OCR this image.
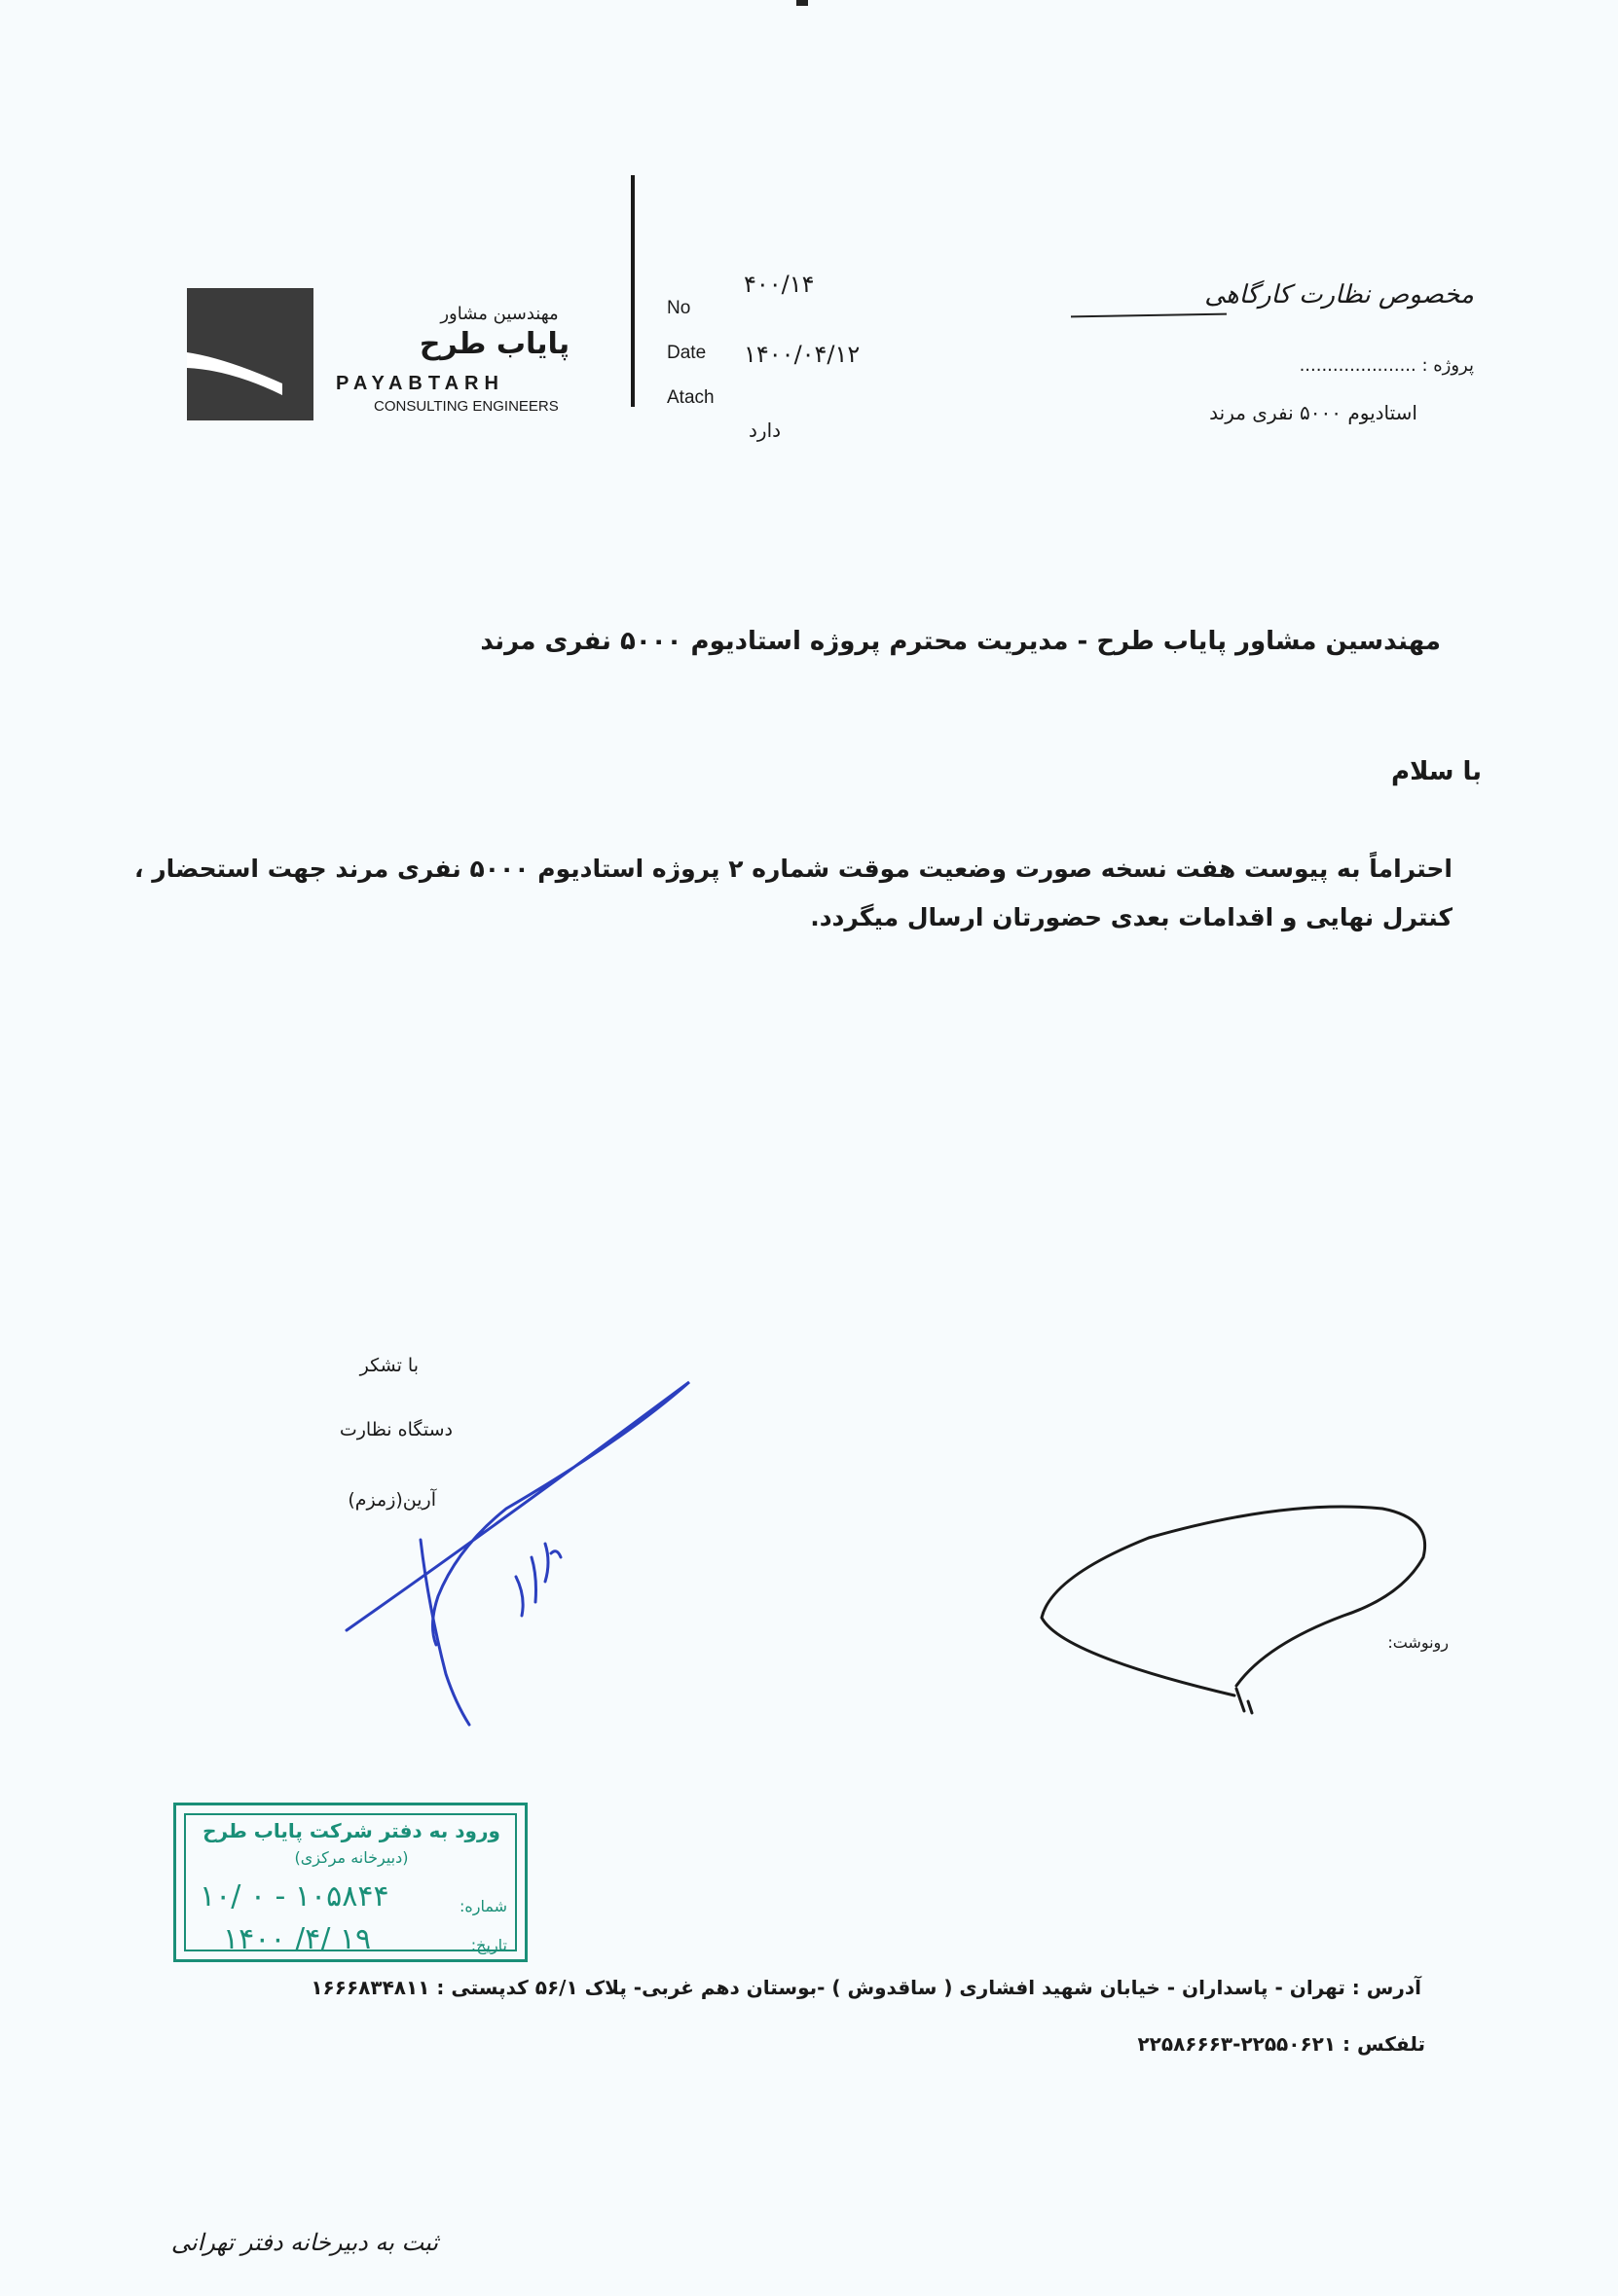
مهندسین مشاور
پایاب طرح
PAYABTARH
CONSULTING ENGINEERS
No
Date
Atach
۴۰۰/۱۴
۱۴۰۰/۰۴/۱۲
دارد
مخصوص نظارت کارگاهی
پروژه : .....................
استادیوم ۵۰۰۰ نفری مرند
مهندسین مشاور پایاب طرح - مدیریت محترم پروژه استادیوم ۵۰۰۰ نفری مرند
با سلام
احتراماً به پیوست هفت نسخه صورت وضعیت موقت شماره ۲ پروژه استادیوم ۵۰۰۰ نفری مرند جهت استحضار ،
کنترل نهایی و اقدامات بعدی حضورتان ارسال میگردد.
با تشکر
دستگاه نظارت
آرین(زمزم)
رونوشت:
ورود به دفتر شرکت پایاب طرح
(دبیرخانه مرکزی)
شماره:
تاریخ:
۱۰/ ۰ - ۱۰۵۸۴۴
۱۴۰۰ /۴/ ۱۹
آدرس : تهران - پاسداران - خیابان شهید افشاری ( ساقدوش ) -بوستان دهم غربی- پلاک ۵۶/۱ کدپستی : ۱۶۶۶۸۳۴۸۱۱
تلفکس : ۲۲۵۵۰۶۲۱-۲۲۵۸۶۶۶۳
ثبت به دبیرخانه دفتر تهرانی
